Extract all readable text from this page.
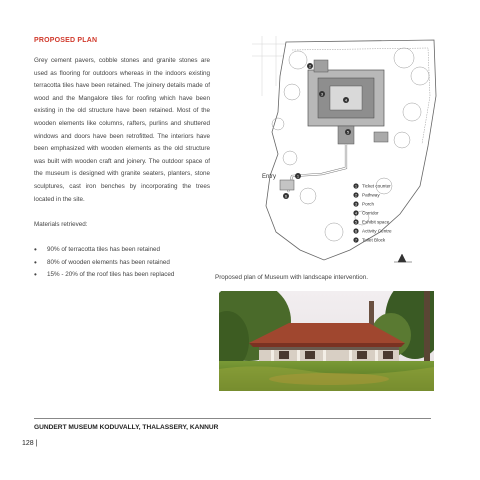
PROPOSED PLAN
Grey cement pavers, cobble stones and granite stones are used as flooring for outdoors whereas in the indoors existing terracotta tiles have been retained. The joinery details made of wood and the Mangalore tiles for roofing which have been existing in the old structure have been retained. Most of the wooden elements like columns, rafters, purlins and shuttered windows and doors have been retrofitted. The interiors have been emphasized with wooden elements as the old structure was built with wooden craft and joinery. The outdoor space of the museum is designed with granite seaters, planters, stone sculptures, cast iron benches by incorporating the trees located in the site.
Materials retrieved:
• 90% of terracotta tiles has been retained
• 80% of wooden elements has been retained
• 15% - 20% of the roof tiles has been replaced
Entry
2
3
4
5
1
6
1 Ticket counter
2 Pathway
3 Porch
4 Corridor
5 Exhibit space
6 Activity Centre
7 Toilet Block
Proposed plan of Museum with landscape intervention.
GUNDERT MUSEUM KODUVALLY, THALASSERY, KANNUR
128 |
